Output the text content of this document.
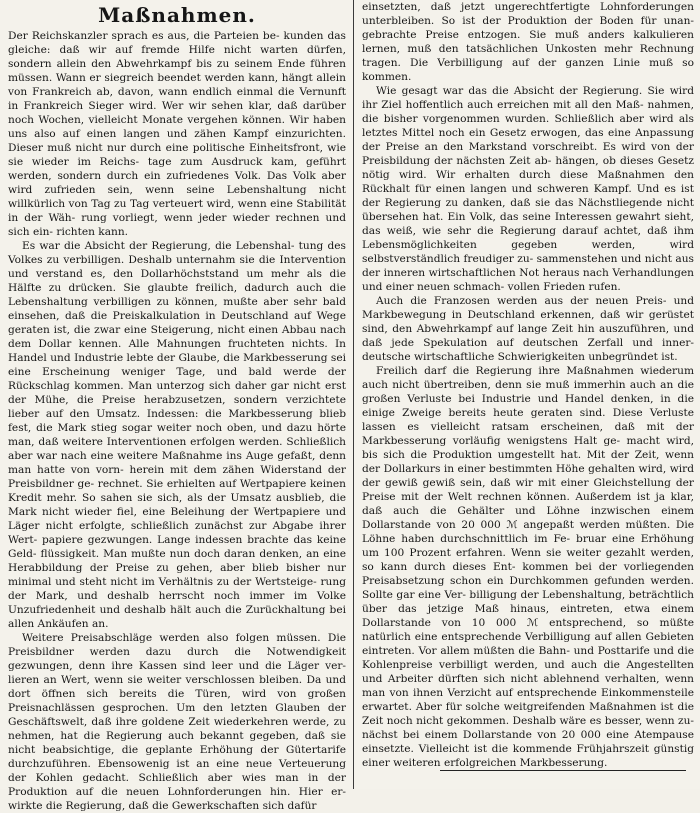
Maßnahmen.

Der Reichskanzler sprach es aus, die Parteien be- kunden das gleiche: daß wir auf fremde Hilfe nicht warten dürfen, sondern allein den Abwehrkampf bis zu seinem Ende führen müssen. Wann er siegreich beendet werden kann, hängt allein von Frankreich ab, davon, wann endlich einmal die Vernunft in Frankreich Sieger wird. Wer wir sehen klar, daß darüber noch Wochen, vielleicht Monate vergehen können. Wir haben uns also auf einen langen und zähen Kampf einzurichten. Dieser muß nicht nur durch eine politische Einheitsfront, wie sie wieder im Reichs- tage zum Ausdruck kam, geführt werden, sondern durch ein zufriedenes Volk. Das Volk aber wird zufrieden sein, wenn seine Lebenshaltung nicht willkürlich von Tag zu Tag verteuert wird, wenn eine Stabilität in der Wäh- rung vorliegt, wenn jeder wieder rechnen und sich ein- richten kann.

Es war die Absicht der Regierung, die Lebenshal- tung des Volkes zu verbilligen. Deshalb unternahm sie die Intervention und verstand es, den Dollarhöchststand um mehr als die Hälfte zu drücken. Sie glaubte freilich, dadurch auch die Lebenshaltung verbilligen zu können, mußte aber sehr bald einsehen, daß die Preiskalkulation in Deutschland auf Wege geraten ist, die zwar eine Steigerung, nicht einen Abbau nach dem Dollar kennen. Alle Mahnungen fruchteten nichts. In Handel und Industrie lebte der Glaube, die Markbesserung sei eine Erscheinung weniger Tage, und bald werde der Rückschlag kommen. Man unterzog sich daher gar nicht erst der Mühe, die Preise herabzusetzen, sondern verzichtete lieber auf den Umsatz. Indessen: die Markbesserung blieb fest, die Mark stieg sogar weiter noch oben, und dazu hörte man, daß weitere Interventionen erfolgen werden. Schließlich aber war nach eine weitere Maßnahme ins Auge gefaßt, denn man hatte von vorn- herein mit dem zähen Widerstand der Preisbildner ge- rechnet. Sie erhielten auf Wertpapiere keinen Kredit mehr. So sahen sie sich, als der Umsatz ausblieb, die Mark nicht wieder fiel, eine Beleihung der Wertpapiere und Läger nicht erfolgte, schließlich zunächst zur Abgabe ihrer Wert- papiere gezwungen. Lange indessen brachte das keine Geld- flüssigkeit. Man mußte nun doch daran denken, an eine Herabbildung der Preise zu gehen, aber blieb bisher nur minimal und steht nicht im Verhältnis zu der Wertsteige- rung der Mark, und deshalb herrscht noch immer im Volke Unzufriedenheit und deshalb hält auch die Zurückhaltung bei allen Ankäufen an.

Weitere Preisabschläge werden also folgen müssen. Die Preisbildner werden dazu durch die Notwendigkeit gezwungen, denn ihre Kassen sind leer und die Läger ver- lieren an Wert, wenn sie weiter verschlossen bleiben. Da und dort öffnen sich bereits die Türen, wird von großen Preisnachlässen gesprochen. Um den letzten Glauben der Geschäftswelt, daß ihre goldene Zeit wiederkehren werde, zu nehmen, hat die Regierung auch bekannt gegeben, daß sie nicht beabsichtige, die geplante Erhöhung der Gütertarife durchzuführen. Ebensowenig ist an eine neue Verteuerung der Kohlen gedacht. Schließlich aber wies man in der Produktion auf die neuen Lohnforderungen hin. Hier er- wirkte die Regierung, daß die Gewerkschaften sich dafür

einsetzten, daß jetzt ungerechtfertigte Lohnforderungen unterbleiben. So ist der Produktion der Boden für unan- gebrachte Preise entzogen. Sie muß anders kalkulieren lernen, muß den tatsächlichen Unkosten mehr Rechnung tragen. Die Verbilligung auf der ganzen Linie muß so kommen.

Wie gesagt war das die Absicht der Regierung. Sie wird ihr Ziel hoffentlich auch erreichen mit all den Maß- nahmen, die bisher vorgenommen wurden. Schließlich aber wird als letztes Mittel noch ein Gesetz erwogen, das eine Anpassung der Preise an den Markstand vorschreibt. Es wird von der Preisbildung der nächsten Zeit ab- hängen, ob dieses Gesetz nötig wird. Wir erhalten durch diese Maßnahmen den Rückhalt für einen langen und schweren Kampf. Und es ist der Regierung zu danken, daß sie das Nächstliegende nicht übersehen hat. Ein Volk, das seine Interessen gewahrt sieht, das weiß, wie sehr die Regierung darauf achtet, daß ihm Lebensmöglichkeiten gegeben werden, wird selbstverständlich freudiger zu- sammenstehen und nicht aus der inneren wirtschaftlichen Not heraus nach Verhandlungen und einer neuen schmach- vollen Frieden rufen.

Auch die Franzosen werden aus der neuen Preis- und Markbewegung in Deutschland erkennen, daß wir gerüstet sind, den Abwehrkampf auf lange Zeit hin auszuführen, und daß jede Spekulation auf deutschen Zerfall und inner- deutsche wirtschaftliche Schwierigkeiten unbegründet ist.

Freilich darf die Regierung ihre Maßnahmen wiederum auch nicht übertreiben, denn sie muß immerhin auch an die großen Verluste bei Industrie und Handel denken, in die einige Zweige bereits heute geraten sind. Diese Verluste lassen es vielleicht ratsam erscheinen, daß mit der Markbesserung vorläufig wenigstens Halt ge- macht wird, bis sich die Produktion umgestellt hat. Mit der Zeit, wenn der Dollarkurs in einer bestimmten Höhe gehalten wird, wird der gewiß gewiß sein, daß wir mit einer Gleichstellung der Preise mit der Welt rechnen können. Außerdem ist ja klar, daß auch die Gehälter und Löhne inzwischen einem Dollarstande von 20 000 ℳ angepaßt werden müßten. Die Löhne haben durchschnittlich im Fe- bruar eine Erhöhung um 100 Prozent erfahren. Wenn sie weiter gezahlt werden, so kann durch dieses Ent- kommen bei der vorliegenden Preisabsetzung schon ein Durchkommen gefunden werden. Sollte gar eine Ver- billigung der Lebenshaltung, beträchtlich über das jetzige Maß hinaus, eintreten, etwa einem Dollarstande von 10 000 ℳ entsprechend, so müßte natürlich eine entsprechende Verbilligung auf allen Gebieten eintreten. Vor allem müßten die Bahn- und Posttarife und die Kohlenpreise verbilligt werden, und auch die Angestellten und Arbeiter dürften sich nicht ablehnend verhalten, wenn man von ihnen Verzicht auf entsprechende Einkommensteile erwartet. Aber für solche weitgreifenden Maßnahmen ist die Zeit noch nicht gekommen. Deshalb wäre es besser, wenn zu- nächst bei einem Dollarstande von 20 000 eine Atempause einsetzte. Vielleicht ist die kommende Frühjahrszeit günstig einer weiteren erfolgreichen Markbesserung.
